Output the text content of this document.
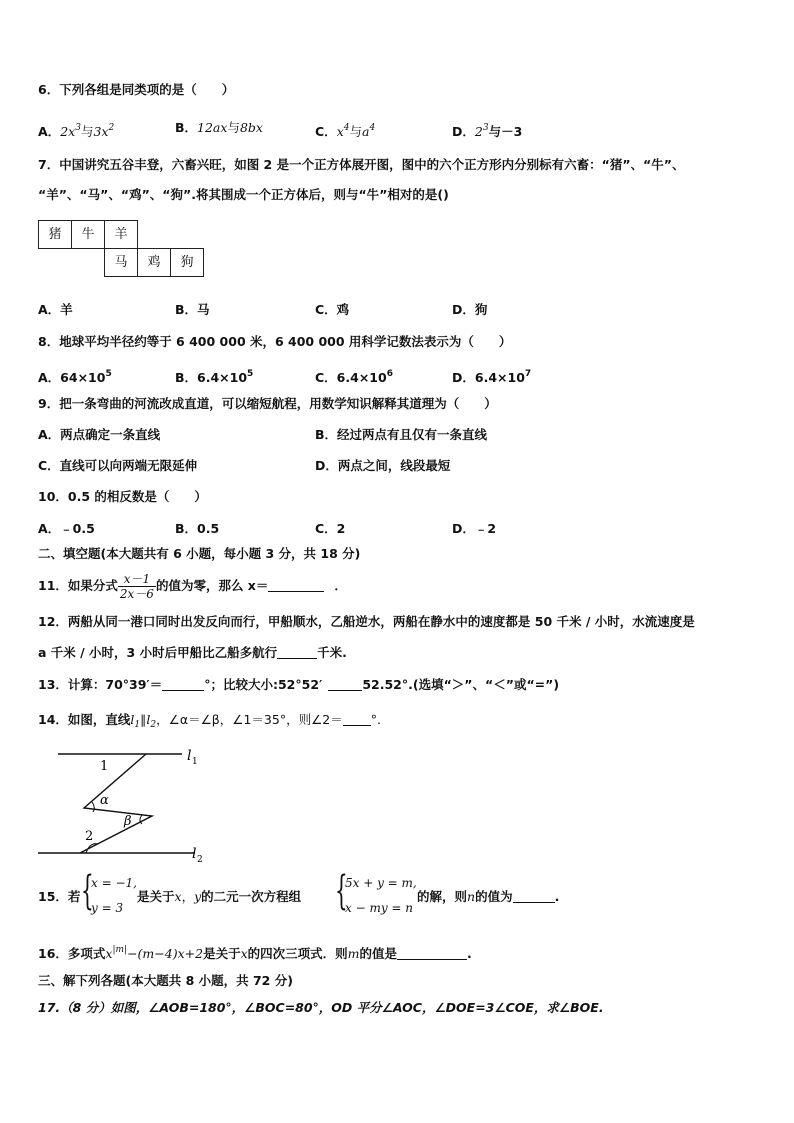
6．下列各组是同类项的是（　　）
A．$2x^3$与$3x^2$	B．12ax与8bx	C．$x^4$与$a^4$	D．$2^3$与－3
7．中国讲究五谷丰登，六畜兴旺，如图 2 是一个正方体展开图，图中的六个正方形内分别标有六畜：“猪”、“牛”、
“羊”、“马”、“鸡”、“狗”.将其围成一个正方体后，则与“牛”相对的是()
猪	牛	羊
马	鸡	狗
A．羊	B．马	C．鸡	D．狗
8．地球平均半径约等于 6 400 000 米，6 400 000 用科学记数法表示为（　　）
A．$64\times 10^5$	B．$6.4\times 10^5$	C．$6.4\times 10^6$	D．$6.4\times 10^7$
9．把一条弯曲的河流改成直道，可以缩短航程，用数学知识解释其道理为（　　）
A．两点确定一条直线	B．经过两点有且仅有一条直线
C．直线可以向两端无限延伸	D．两点之间，线段最短
10．0.5 的相反数是（　　）
A．﹣0.5	B．0.5	C．2	D．﹣2
二、填空题(本大题共有 6 小题，每小题 3 分，共 18 分)
11．如果分式 $\frac{x-1}{2x-6}$ 的值为零，那么 x＝	．
12．两船从同一港口同时出发反向而行，甲船顺水，乙船逆水，两船在静水中的速度都是 50 千米 / 小时，水流速度是
a 千米 / 小时，3 小时后甲船比乙船多航行	千米.
13．计算：70°39′＝	°；比较大小:52°52′	52.52°.(选填“＞”、“＜”或“=”)
14．如图，直线$l_1\parallel l_2$，∠α＝∠β，∠1＝35°，则∠2＝ °.
1
α
β
2
l 1
l 2
15．若 {
x = −1,
y = 3
是关于x，y的二元一次方程组 {
5x + y = m,
x − my = n
的解，则n的值为	.
16．多项式$x^{|m|}-(m-4)x+2$是关于x的四次三项式．则m的值是	.
三、解下列各题(本大题共 8 小题，共 72 分)
17.（8 分）如图，∠AOB=180°，∠BOC=80°，OD 平分∠AOC，∠DOE=3∠COE，求∠BOE.
